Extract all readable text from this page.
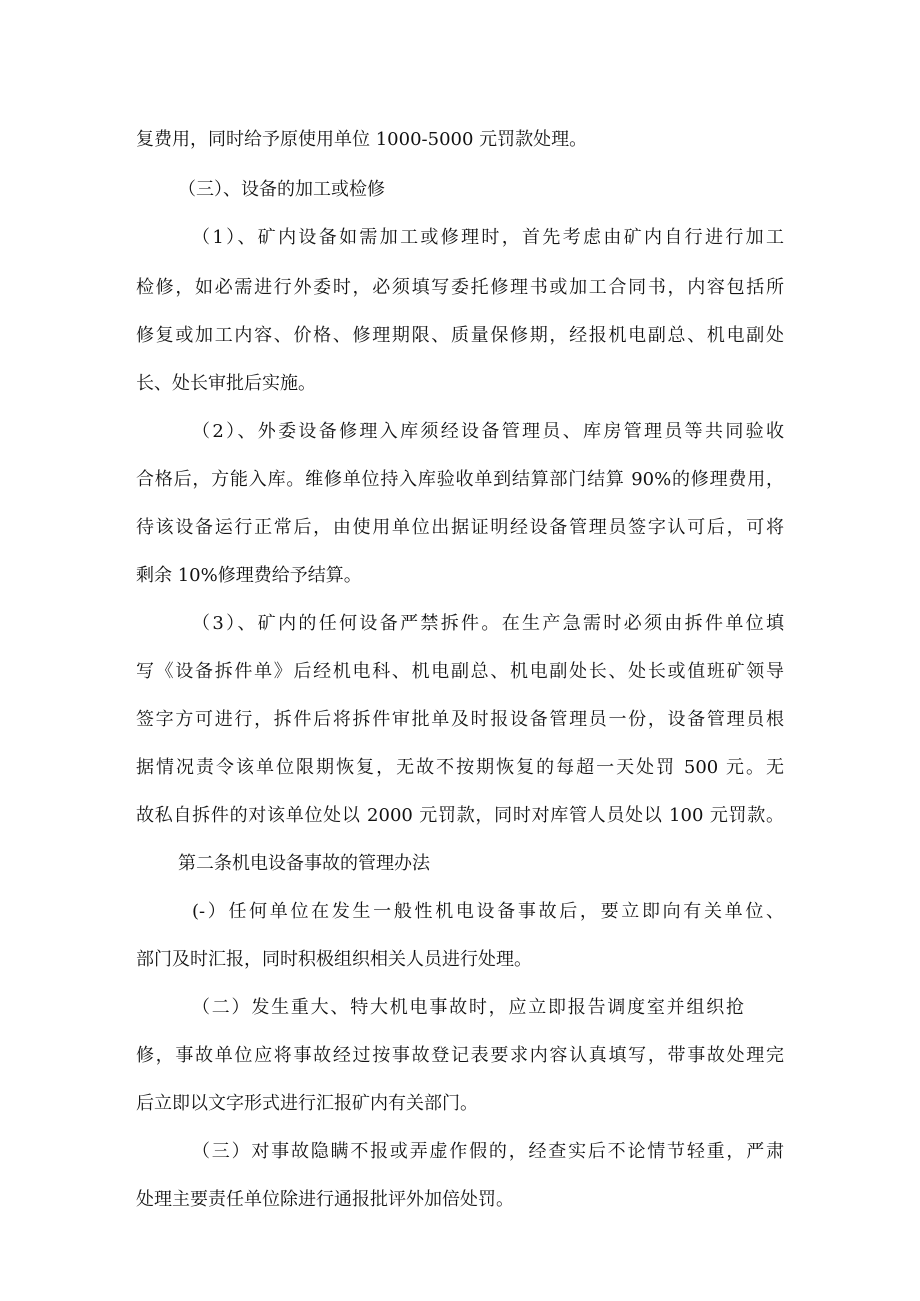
复费用，同时给予原使用单位 1000-5000 元罚款处理。
（三）、设备的加工或检修
（1）、矿内设备如需加工或修理时，首先考虑由矿内自行进行加工
检修，如必需进行外委时，必须填写委托修理书或加工合同书，内容包括所
修复或加工内容、价格、修理期限、质量保修期，经报机电副总、机电副处
长、处长审批后实施。
（2）、外委设备修理入库须经设备管理员、库房管理员等共同验收
合格后，方能入库。维修单位持入库验收单到结算部门结算 90%的修理费用，
待该设备运行正常后，由使用单位出据证明经设备管理员签字认可后，可将
剩余 10%修理费给予结算。
（3）、矿内的任何设备严禁拆件。在生产急需时必须由拆件单位填
写《设备拆件单》后经机电科、机电副总、机电副处长、处长或值班矿领导
签字方可进行，拆件后将拆件审批单及时报设备管理员一份，设备管理员根
据情况责令该单位限期恢复，无故不按期恢复的每超一天处罚 500 元。无
故私自拆件的对该单位处以 2000 元罚款，同时对库管人员处以 100 元罚款。
第二条机电设备事故的管理办法
(-）任何单位在发生一般性机电设备事故后，要立即向有关单位、
部门及时汇报，同时积极组织相关人员进行处理。
（二）发生重大、特大机电事故时，应立即报告调度室并组织抢
修，事故单位应将事故经过按事故登记表要求内容认真填写，带事故处理完
后立即以文字形式进行汇报矿内有关部门。
（三）对事故隐瞒不报或弄虚作假的，经查实后不论情节轻重，严肃
处理主要责任单位除进行通报批评外加倍处罚。
